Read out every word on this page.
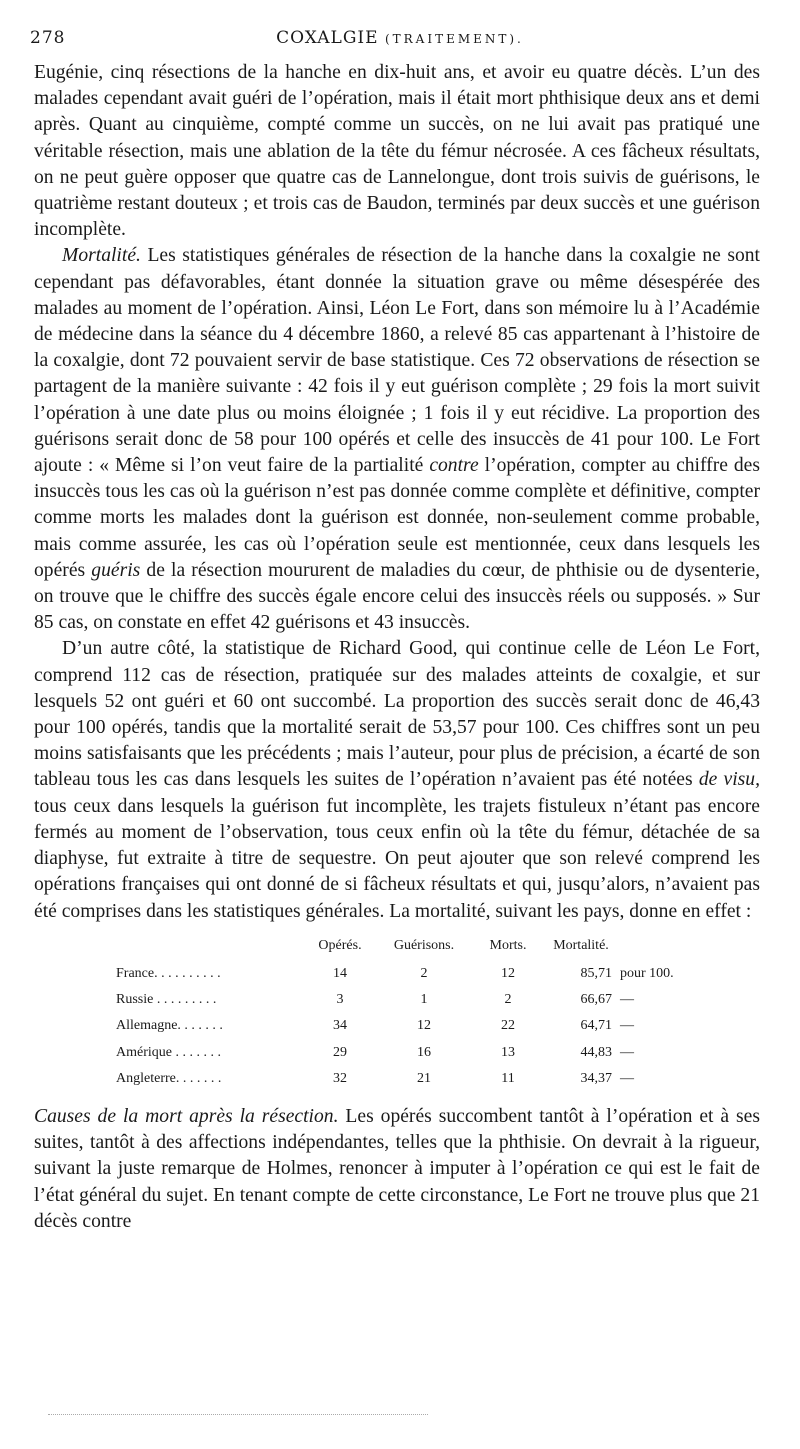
278	COXALGIE (TRAITEMENT).

Eugénie, cinq résections de la hanche en dix-huit ans, et avoir eu quatre décès. L’un des malades cependant avait guéri de l’opération, mais il était mort phthisique deux ans et demi après. Quant au cinquième, compté comme un succès, on ne lui avait pas pratiqué une véritable résection, mais une ablation de la tête du fémur nécrosée. A ces fâcheux résultats, on ne peut guère opposer que quatre cas de Lannelongue, dont trois suivis de guérisons, le quatrième restant douteux ; et trois cas de Baudon, terminés par deux succès et une guérison incomplète.

Mortalité. Les statistiques générales de résection de la hanche dans la coxalgie ne sont cependant pas défavorables, étant donnée la situation grave ou même désespérée des malades au moment de l’opération. Ainsi, Léon Le Fort, dans son mémoire lu à l’Académie de médecine dans la séance du 4 décembre 1860, a relevé 85 cas appartenant à l’histoire de la coxalgie, dont 72 pouvaient servir de base statistique. Ces 72 observations de résection se partagent de la manière suivante : 42 fois il y eut guérison complète ; 29 fois la mort suivit l’opération à une date plus ou moins éloignée ; 1 fois il y eut récidive. La proportion des guérisons serait donc de 58 pour 100 opérés et celle des insuccès de 41 pour 100. Le Fort ajoute : « Même si l’on veut faire de la partialité contre l’opération, compter au chiffre des insuccès tous les cas où la guérison n’est pas donnée comme complète et définitive, compter comme morts les malades dont la guérison est donnée, non-seulement comme probable, mais comme assurée, les cas où l’opération seule est mentionnée, ceux dans lesquels les opérés guéris de la résection moururent de maladies du cœur, de phthisie ou de dysenterie, on trouve que le chiffre des succès égale encore celui des insuccès réels ou supposés. » Sur 85 cas, on constate en effet 42 guérisons et 43 insuccès.

D’un autre côté, la statistique de Richard Good, qui continue celle de Léon Le Fort, comprend 112 cas de résection, pratiquée sur des malades atteints de coxalgie, et sur lesquels 52 ont guéri et 60 ont succombé. La proportion des succès serait donc de 46,43 pour 100 opérés, tandis que la mortalité serait de 53,57 pour 100. Ces chiffres sont un peu moins satisfaisants que les précédents ; mais l’auteur, pour plus de précision, a écarté de son tableau tous les cas dans lesquels les suites de l’opération n’avaient pas été notées de visu, tous ceux dans lesquels la guérison fut incomplète, les trajets fistuleux n’étant pas encore fermés au moment de l’observation, tous ceux enfin où la tête du fémur, détachée de sa diaphyse, fut extraite à titre de sequestre. On peut ajouter que son relevé comprend les opérations françaises qui ont donné de si fâcheux résultats et qui, jusqu’alors, n’avaient pas été comprises dans les statistiques générales. La mortalité, suivant les pays, donne en effet :

	Opérés.	Guérisons.	Morts.	Mortalité.	
France. . . . . . . . . .	14	2	12	85,71	pour 100.
Russie . . . . . . . . .	3	1	2	66,67	—
Allemagne. . . . . . .	34	12	22	64,71	—
Amérique . . . . . . .	29	16	13	44,83	—
Angleterre. . . . . . .	32	21	11	34,37	—

Causes de la mort après la résection. Les opérés succombent tantôt à l’opération et à ses suites, tantôt à des affections indépendantes, telles que la phthisie. On devrait à la rigueur, suivant la juste remarque de Holmes, renoncer à imputer à l’opération ce qui est le fait de l’état général du sujet. En tenant compte de cette circonstance, Le Fort ne trouve plus que 21 décès contre
